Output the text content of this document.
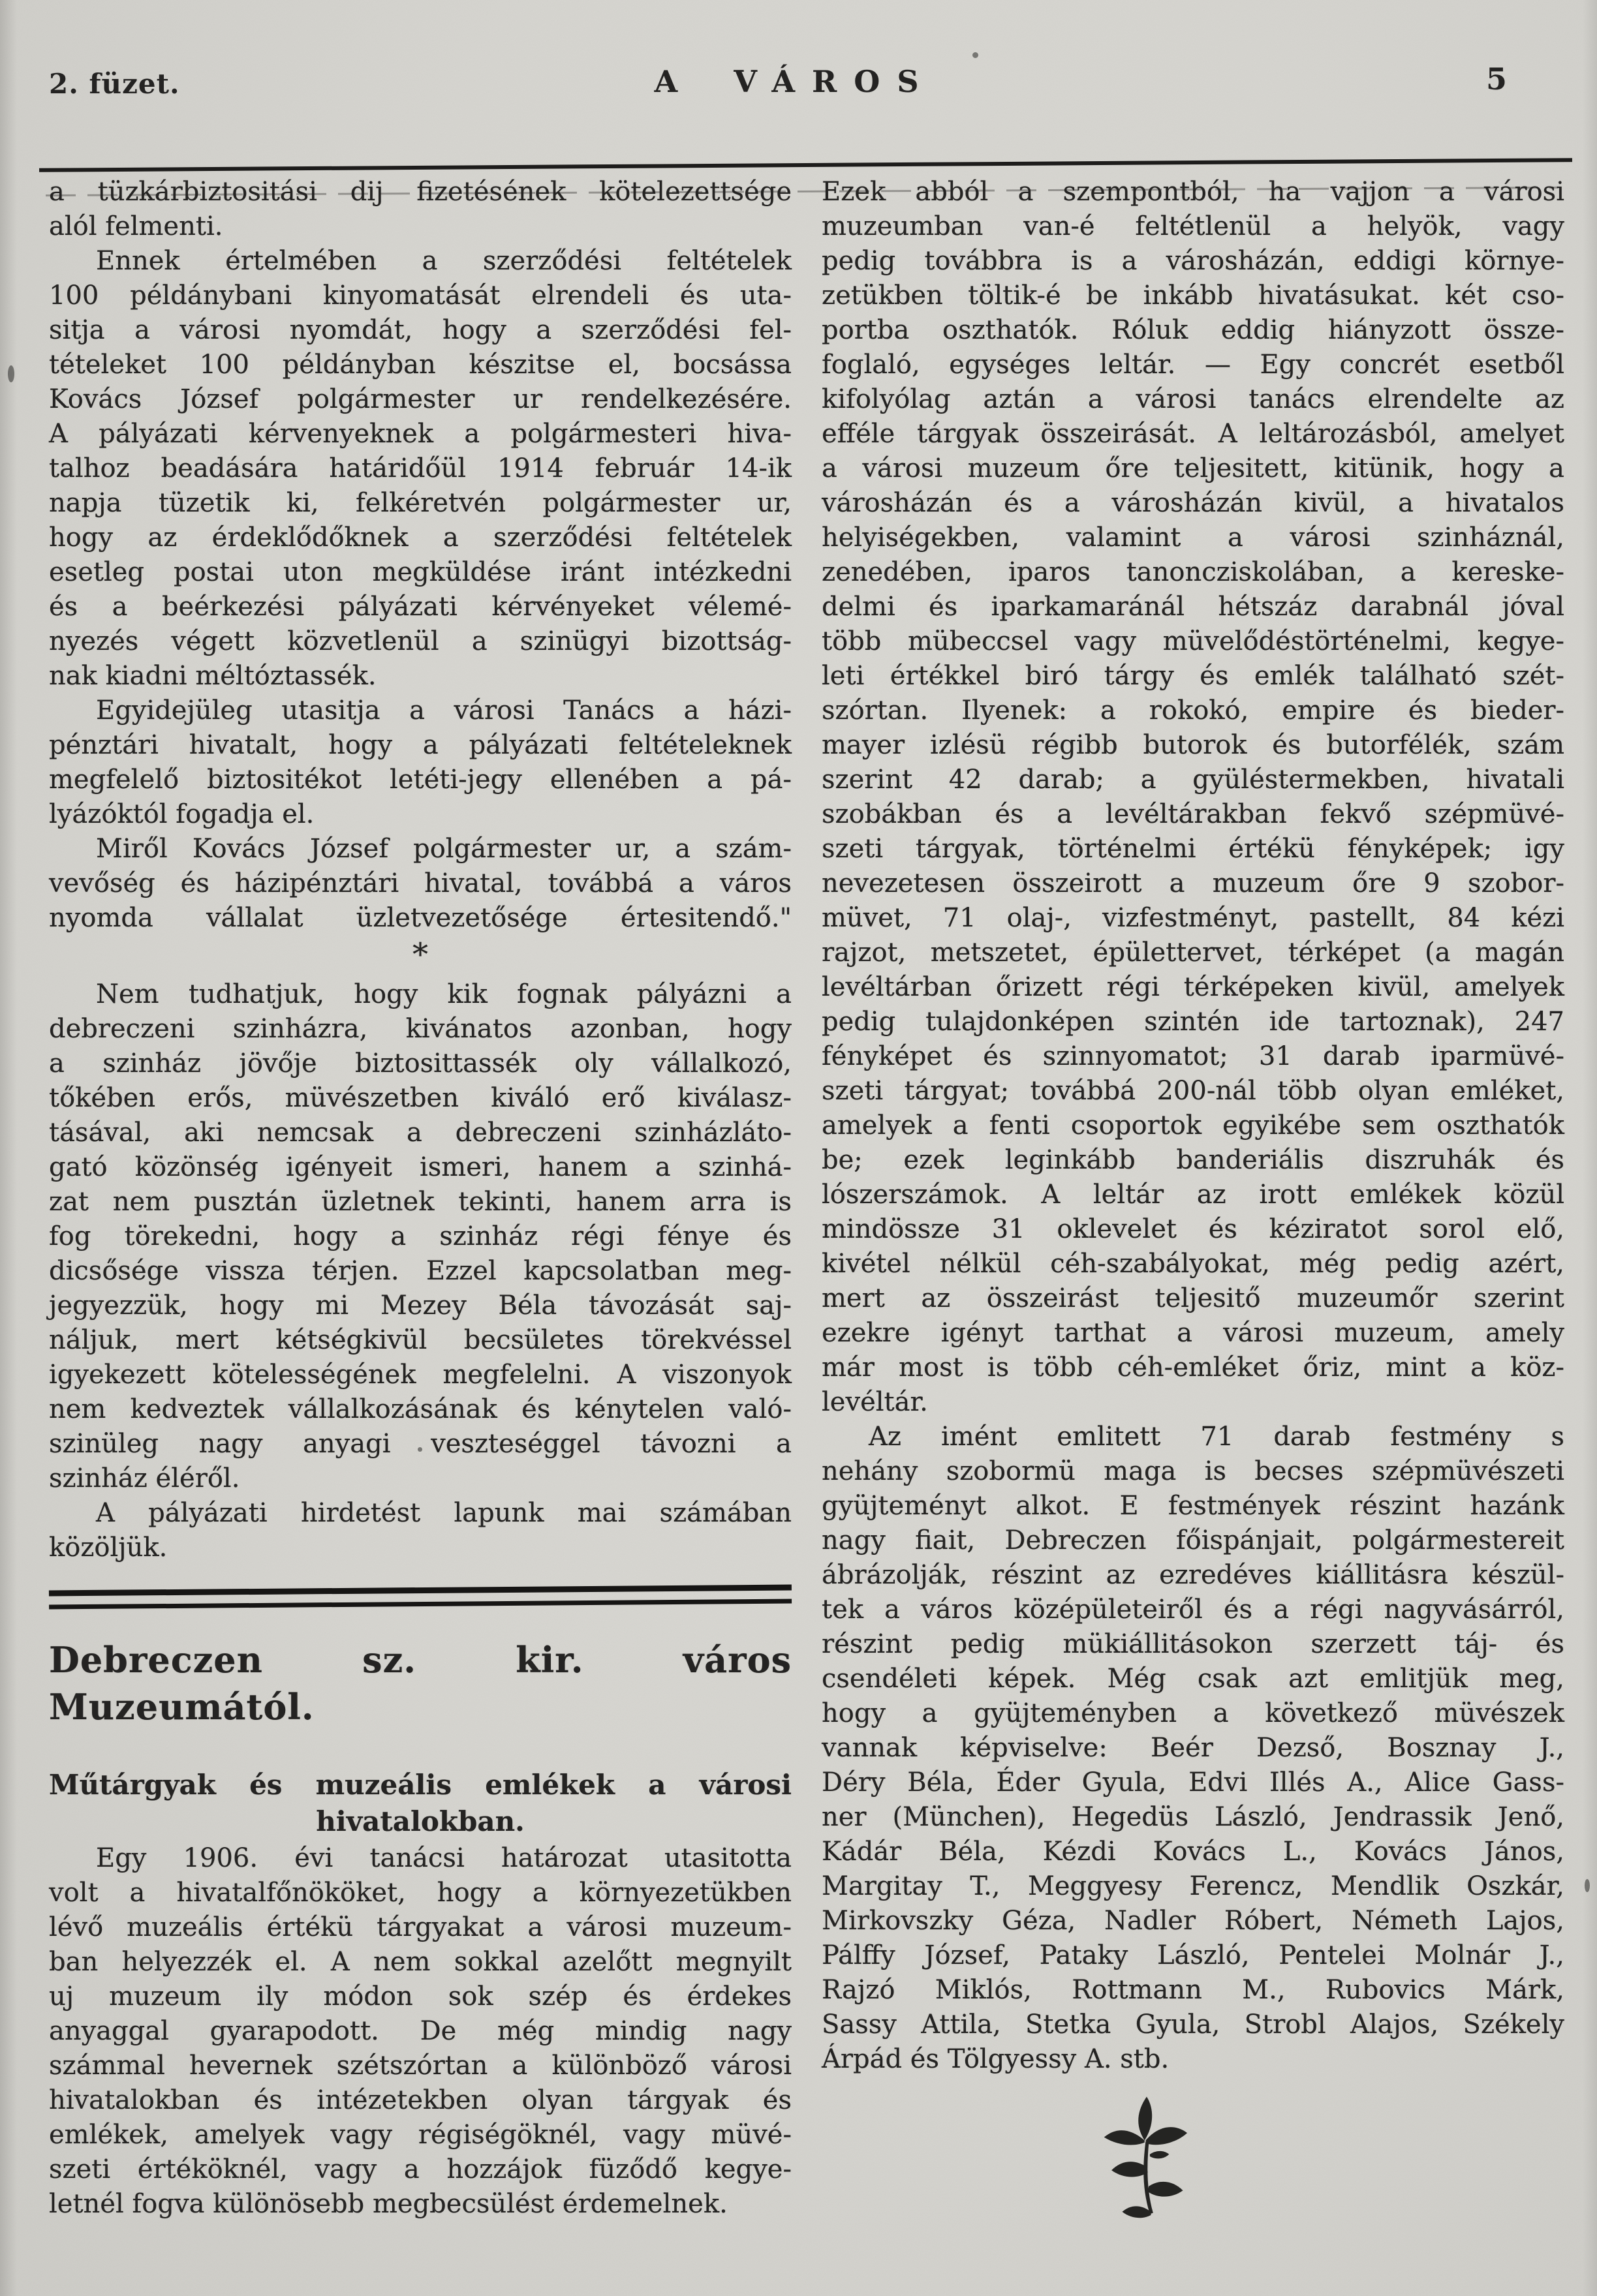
2. füzet.	A VÁROS	5

a tüzkárbiztositási dij fizetésének kötelezettsége
alól felmenti.

Ennek értelmében a szerződési feltételek
100 példánybani kinyomatását elrendeli és uta-
sitja a városi nyomdát, hogy a szerződési fel-
tételeket 100 példányban készitse el, bocsássa
Kovács József polgármester ur rendelkezésére.
A pályázati kérvenyeknek a polgármesteri hiva-
talhoz beadására határidőül 1914 február 14-ik
napja tüzetik ki, felkéretvén polgármester ur,
hogy az érdeklődőknek a szerződési feltételek
esetleg postai uton megküldése iránt intézkedni
és a beérkezési pályázati kérvényeket vélemé-
nyezés végett közvetlenül a szinügyi bizottság-
nak kiadni méltóztassék.

Egyidejüleg utasitja a városi Tanács a házi-
pénztári hivatalt, hogy a pályázati feltételeknek
megfelelő biztositékot letéti-jegy ellenében a pá-
lyázóktól fogadja el.

Miről Kovács József polgármester ur, a szám-
vevőség és házipénztári hivatal, továbbá a város
nyomda vállalat üzletvezetősége értesitendő."

*

Nem tudhatjuk, hogy kik fognak pályázni a
debreczeni szinházra, kivánatos azonban, hogy
a szinház jövője biztosittassék oly vállalkozó,
tőkében erős, müvészetben kiváló erő kiválasz-
tásával, aki nemcsak a debreczeni szinházláto-
gató közönség igényeit ismeri, hanem a szinhá-
zat nem pusztán üzletnek tekinti, hanem arra is
fog törekedni, hogy a szinház régi fénye és
dicsősége vissza térjen. Ezzel kapcsolatban meg-
jegyezzük, hogy mi Mezey Béla távozását saj-
náljuk, mert kétségkivül becsületes törekvéssel
igyekezett kötelességének megfelelni. A viszonyok
nem kedveztek vállalkozásának és kénytelen való-
szinüleg nagy anyagi veszteséggel távozni a
szinház éléről.

A pályázati hirdetést lapunk mai számában
közöljük.

Debreczen sz. kir. város Muzeumától.
Műtárgyak és muzeális emlékek a városi
hivatalokban.

Egy 1906. évi tanácsi határozat utasitotta
volt a hivatalfőnököket, hogy a környezetükben
lévő muzeális értékü tárgyakat a városi muzeum-
ban helyezzék el. A nem sokkal azelőtt megnyilt
uj muzeum ily módon sok szép és érdekes
anyaggal gyarapodott. De még mindig nagy
számmal hevernek szétszórtan a különböző városi
hivatalokban és intézetekben olyan tárgyak és
emlékek, amelyek vagy régiségöknél, vagy müvé-
szeti értéköknél, vagy a hozzájok füződő kegye-
letnél fogva különösebb megbecsülést érdemelnek.

Ezek abból a szempontból, ha vajjon a városi
muzeumban van-é feltétlenül a helyök, vagy
pedig továbbra is a városházán, eddigi környe-
zetükben töltik-é be inkább hivatásukat. két cso-
portba oszthatók. Róluk eddig hiányzott össze-
foglaló, egységes leltár. — Egy concrét esetből
kifolyólag aztán a városi tanács elrendelte az
efféle tárgyak összeirását. A leltározásból, amelyet
a városi muzeum őre teljesitett, kitünik, hogy a
városházán és a városházán kivül, a hivatalos
helyiségekben, valamint a városi szinháznál,
zenedében, iparos tanoncziskolában, a kereske-
delmi és iparkamaránál hétszáz darabnál jóval
több mübeccsel vagy müvelődéstörténelmi, kegye-
leti értékkel biró tárgy és emlék található szét-
szórtan. Ilyenek: a rokokó, empire és bieder-
mayer izlésü régibb butorok és butorfélék, szám
szerint 42 darab; a gyüléstermekben, hivatali
szobákban és a levéltárakban fekvő szépmüvé-
szeti tárgyak, történelmi értékü fényképek; igy
nevezetesen összeirott a muzeum őre 9 szobor-
müvet, 71 olaj-, vizfestményt, pastellt, 84 kézi
rajzot, metszetet, épülettervet, térképet (a magán
levéltárban őrizett régi térképeken kivül, amelyek
pedig tulajdonképen szintén ide tartoznak), 247
fényképet és szinnyomatot; 31 darab iparmüvé-
szeti tárgyat; továbbá 200-nál több olyan emléket,
amelyek a fenti csoportok egyikébe sem oszthatók
be; ezek leginkább banderiális diszruhák és
lószerszámok. A leltár az irott emlékek közül
mindössze 31 oklevelet és kéziratot sorol elő,
kivétel nélkül céh-szabályokat, még pedig azért,
mert az összeirást teljesitő muzeumőr szerint
ezekre igényt tarthat a városi muzeum, amely
már most is több céh-emléket őriz, mint a köz-
levéltár.

Az imént emlitett 71 darab festmény s
nehány szobormü maga is becses szépmüvészeti
gyüjteményt alkot. E festmények részint hazánk
nagy fiait, Debreczen főispánjait, polgármestereit
ábrázolják, részint az ezredéves kiállitásra készül-
tek a város középületeiről és a régi nagyvásárról,
részint pedig mükiállitásokon szerzett táj- és
csendéleti képek. Még csak azt emlitjük meg,
hogy a gyüjteményben a következő müvészek
vannak képviselve: Beér Dezső, Bosznay J.,
Déry Béla, Éder Gyula, Edvi Illés A., Alice Gass-
ner (München), Hegedüs László, Jendrassik Jenő,
Kádár Béla, Kézdi Kovács L., Kovács János,
Margitay T., Meggyesy Ferencz, Mendlik Oszkár,
Mirkovszky Géza, Nadler Róbert, Németh Lajos,
Pálffy József, Pataky László, Pentelei Molnár J.,
Rajzó Miklós, Rottmann M., Rubovics Márk,
Sassy Attila, Stetka Gyula, Strobl Alajos, Székely
Árpád és Tölgyessy A. stb.
